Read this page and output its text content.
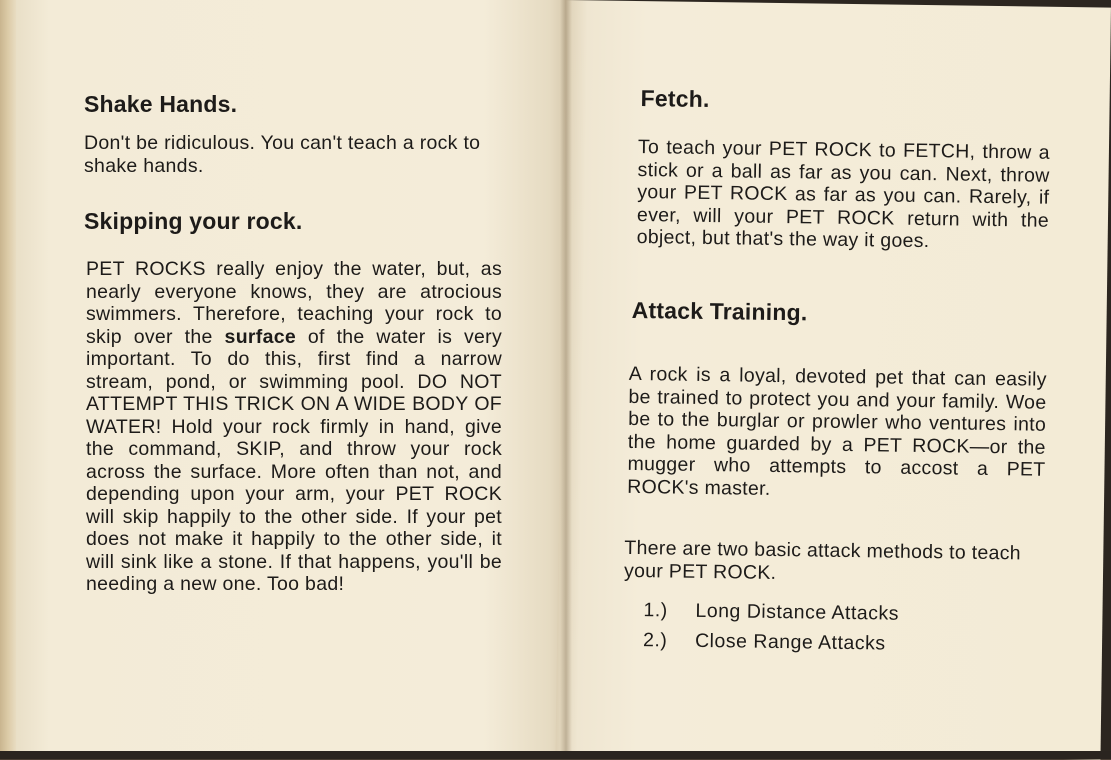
Shake Hands.

Don't be ridiculous. You can't teach a rock to shake hands.

Skipping your rock.

PET ROCKS really enjoy the water, but, as nearly everyone knows, they are atrocious swimmers. Therefore, teaching your rock to skip over the surface of the water is very important. To do this, first find a narrow stream, pond, or swimming pool. DO NOT ATTEMPT THIS TRICK ON A WIDE BODY OF WATER! Hold your rock firmly in hand, give the command, SKIP, and throw your rock across the surface. More often than not, and depending upon your arm, your PET ROCK will skip happily to the other side. If your pet does not make it happily to the other side, it will sink like a stone. If that happens, you'll be needing a new one. Too bad!

Fetch.

To teach your PET ROCK to FETCH, throw a stick or a ball as far as you can. Next, throw your PET ROCK as far as you can. Rarely, if ever, will your PET ROCK return with the object, but that's the way it goes.

Attack Training.

A rock is a loyal, devoted pet that can easily be trained to protect you and your family. Woe be to the burglar or prowler who ventures into the home guarded by a PET ROCK—or the mugger who attempts to accost a PET ROCK's master.

There are two basic attack methods to teach your PET ROCK.

1.)	Long Distance Attacks
2.)	Close Range Attacks
